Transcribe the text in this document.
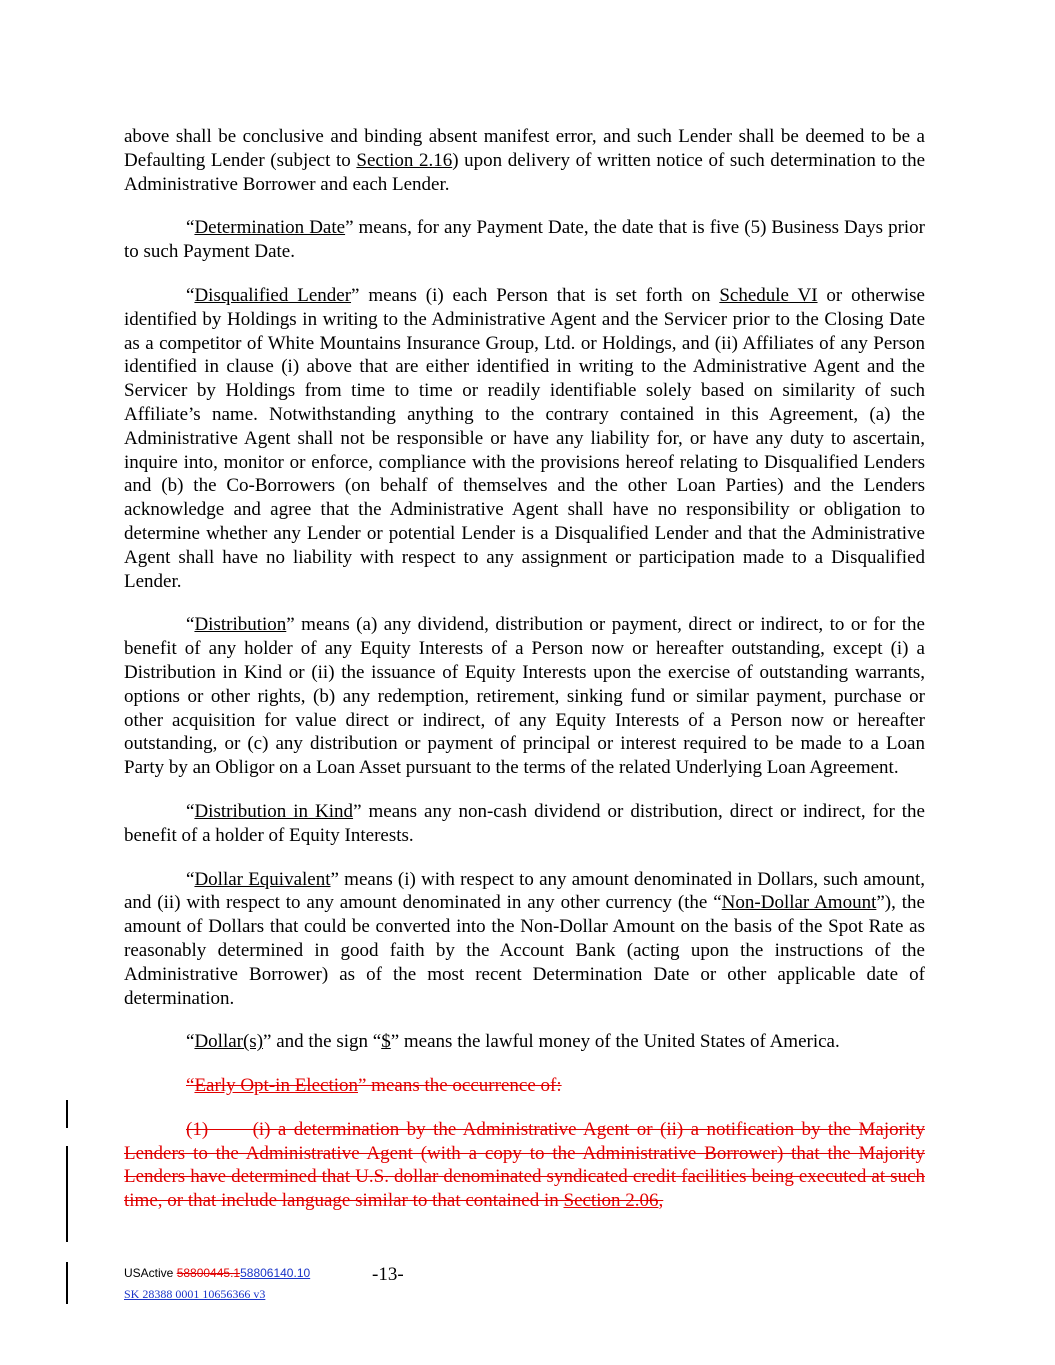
above shall be conclusive and binding absent manifest error, and such Lender shall be deemed to be a Defaulting Lender (subject to Section 2.16) upon delivery of written notice of such determination to the Administrative Borrower and each Lender.

“Determination Date” means, for any Payment Date, the date that is five (5) Business Days prior to such Payment Date.

“Disqualified Lender” means (i) each Person that is set forth on Schedule VI or otherwise identified by Holdings in writing to the Administrative Agent and the Servicer prior to the Closing Date as a competitor of White Mountains Insurance Group, Ltd. or Holdings, and (ii) Affiliates of any Person identified in clause (i) above that are either identified in writing to the Administrative Agent and the Servicer by Holdings from time to time or readily identifiable solely based on similarity of such Affiliate’s name. Notwithstanding anything to the contrary contained in this Agreement, (a) the Administrative Agent shall not be responsible or have any liability for, or have any duty to ascertain, inquire into, monitor or enforce, compliance with the provisions hereof relating to Disqualified Lenders and (b) the Co-Borrowers (on behalf of themselves and the other Loan Parties) and the Lenders acknowledge and agree that the Administrative Agent shall have no responsibility or obligation to determine whether any Lender or potential Lender is a Disqualified Lender and that the Administrative Agent shall have no liability with respect to any assignment or participation made to a Disqualified Lender.

“Distribution” means (a) any dividend, distribution or payment, direct or indirect, to or for the benefit of any holder of any Equity Interests of a Person now or hereafter outstanding, except (i) a Distribution in Kind or (ii) the issuance of Equity Interests upon the exercise of outstanding warrants, options or other rights, (b) any redemption, retirement, sinking fund or similar payment, purchase or other acquisition for value direct or indirect, of any Equity Interests of a Person now or hereafter outstanding, or (c) any distribution or payment of principal or interest required to be made to a Loan Party by an Obligor on a Loan Asset pursuant to the terms of the related Underlying Loan Agreement.

“Distribution in Kind” means any non-cash dividend or distribution, direct or indirect, for the benefit of a holder of Equity Interests.

“Dollar Equivalent” means (i) with respect to any amount denominated in Dollars, such amount, and (ii) with respect to any amount denominated in any other currency (the “Non-Dollar Amount”), the amount of Dollars that could be converted into the Non-Dollar Amount on the basis of the Spot Rate as reasonably determined in good faith by the Account Bank (acting upon the instructions of the Administrative Borrower) as of the most recent Determination Date or other applicable date of determination.

“Dollar(s)” and the sign “$” means the lawful money of the United States of America.

“Early Opt-in Election” means the occurrence of:

(1)      (i) a determination by the Administrative Agent or (ii) a notification by the Majority Lenders to the Administrative Agent (with a copy to the Administrative Borrower) that the Majority Lenders have determined that U.S. dollar denominated syndicated credit facilities being executed at such time, or that include language similar to that contained in Section 2.06,

USActive 58800445.158806140.10	-13-
SK 28388 0001 10656366 v3
